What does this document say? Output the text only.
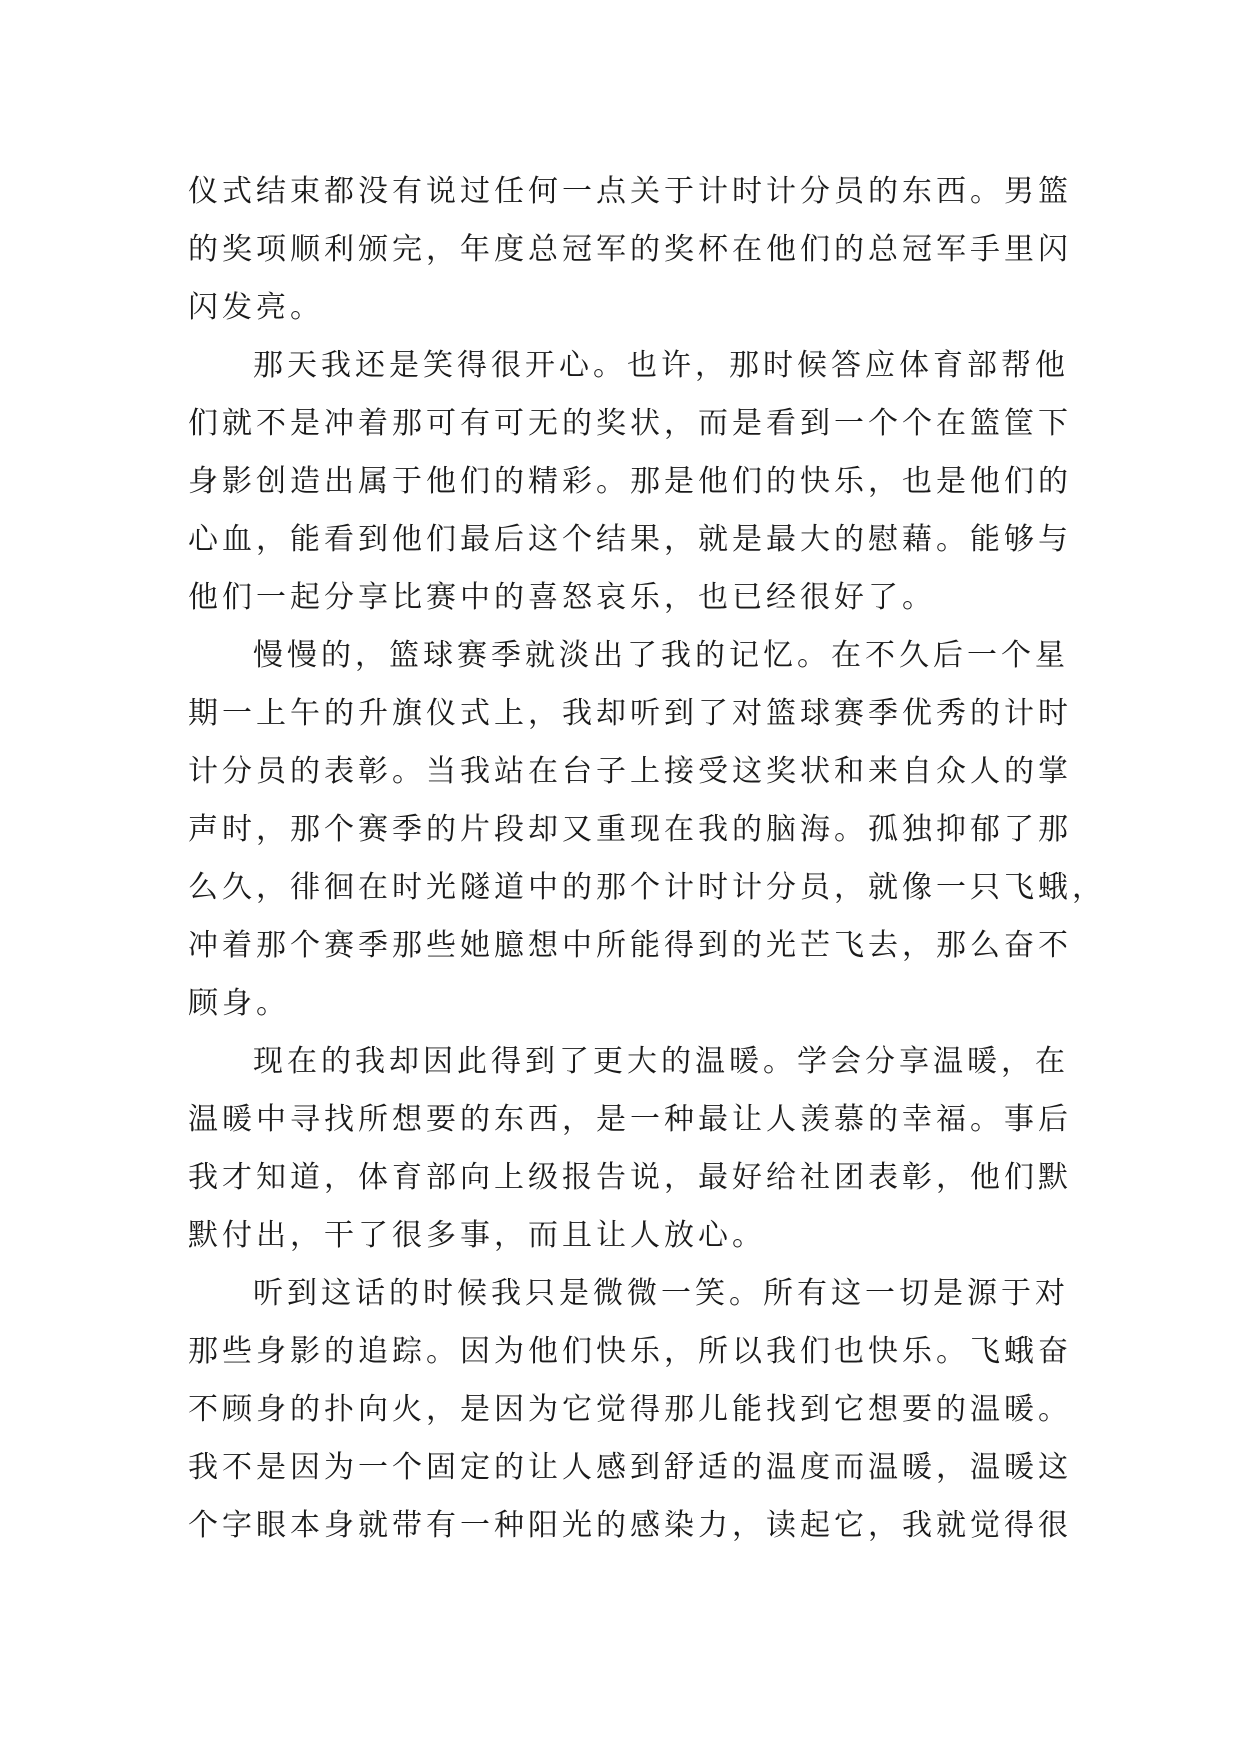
仪式结束都没有说过任何一点关于计时计分员的东西。男篮
的奖项顺利颁完，年度总冠军的奖杯在他们的总冠军手里闪
闪发亮。
那天我还是笑得很开心。也许，那时候答应体育部帮他
们就不是冲着那可有可无的奖状，而是看到一个个在篮筐下
身影创造出属于他们的精彩。那是他们的快乐，也是他们的
心血，能看到他们最后这个结果，就是最大的慰藉。能够与
他们一起分享比赛中的喜怒哀乐，也已经很好了。
慢慢的，篮球赛季就淡出了我的记忆。在不久后一个星
期一上午的升旗仪式上，我却听到了对篮球赛季优秀的计时
计分员的表彰。当我站在台子上接受这奖状和来自众人的掌
声时，那个赛季的片段却又重现在我的脑海。孤独抑郁了那
么久，徘徊在时光隧道中的那个计时计分员，就像一只飞蛾，
冲着那个赛季那些她臆想中所能得到的光芒飞去，那么奋不
顾身。
现在的我却因此得到了更大的温暖。学会分享温暖，在
温暖中寻找所想要的东西，是一种最让人羡慕的幸福。事后
我才知道，体育部向上级报告说，最好给社团表彰，他们默
默付出，干了很多事，而且让人放心。
听到这话的时候我只是微微一笑。所有这一切是源于对
那些身影的追踪。因为他们快乐，所以我们也快乐。飞蛾奋
不顾身的扑向火，是因为它觉得那儿能找到它想要的温暖。
我不是因为一个固定的让人感到舒适的温度而温暖，温暖这
个字眼本身就带有一种阳光的感染力，读起它，我就觉得很
